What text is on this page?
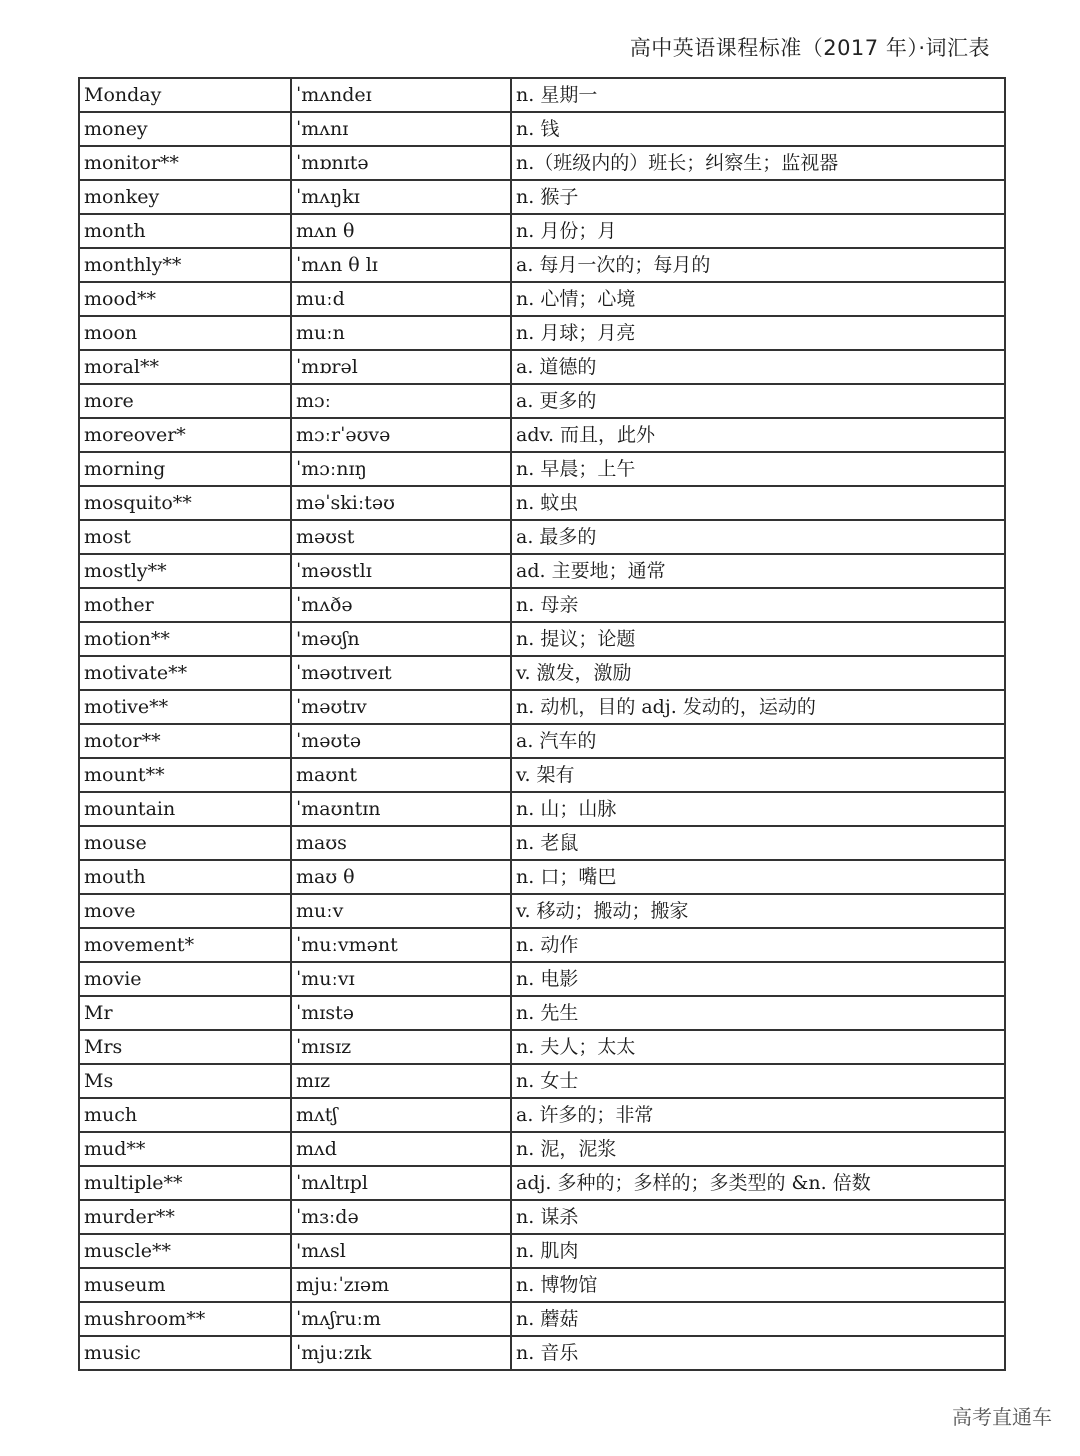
高中英语课程标准（2017 年）·词汇表
Monday	ˈmʌndeɪ	n. 星期一
money	ˈmʌnɪ	n. 钱
monitor**	ˈmɒnɪtə	n.（班级内的）班长；纠察生；监视器
monkey	ˈmʌŋkɪ	n. 猴子
month	mʌn θ	n. 月份；月
monthly**	ˈmʌn θ lɪ	a. 每月一次的；每月的
mood**	muːd	n. 心情；心境
moon	muːn	n. 月球；月亮
moral**	ˈmɒrəl	a. 道德的
more	mɔː	a. 更多的
moreover*	mɔːrˈəʊvə	adv. 而且，此外
morning	ˈmɔːnɪŋ	n. 早晨；上午
mosquito**	məˈskiːtəʊ	n. 蚊虫
most	məʊst	a. 最多的
mostly**	ˈməʊstlɪ	ad. 主要地；通常
mother	ˈmʌðə	n. 母亲
motion**	'məʊʃn	n. 提议；论题
motivate**	ˈməʊtɪveɪt	v. 激发，激励
motive**	ˈməʊtɪv	n. 动机，目的 adj. 发动的，运动的
motor**	ˈməʊtə	a. 汽车的
mount**	maʊnt	v. 架有
mountain	ˈmaʊntɪn	n. 山；山脉
mouse	maʊs	n. 老鼠
mouth	maʊ θ	n. 口；嘴巴
move	muːv	v. 移动；搬动；搬家
movement*	ˈmuːvmənt	n. 动作
movie	ˈmuːvɪ	n. 电影
Mr	ˈmɪstə	n. 先生
Mrs	ˈmɪsɪz	n. 夫人；太太
Ms	mɪz	n. 女士
much	mʌtʃ	a. 许多的；非常
mud**	mʌd	n. 泥，泥浆
multiple**	ˈmʌltɪpl	adj. 多种的；多样的；多类型的 &n. 倍数
murder**	ˈmɜːdə	n. 谋杀
muscle**	'mʌsl	n. 肌肉
museum	mjuːˈzɪəm	n. 博物馆
mushroom**	ˈmʌʃruːm	n. 蘑菇
music	ˈmjuːzɪk	n. 音乐
高考直通车
